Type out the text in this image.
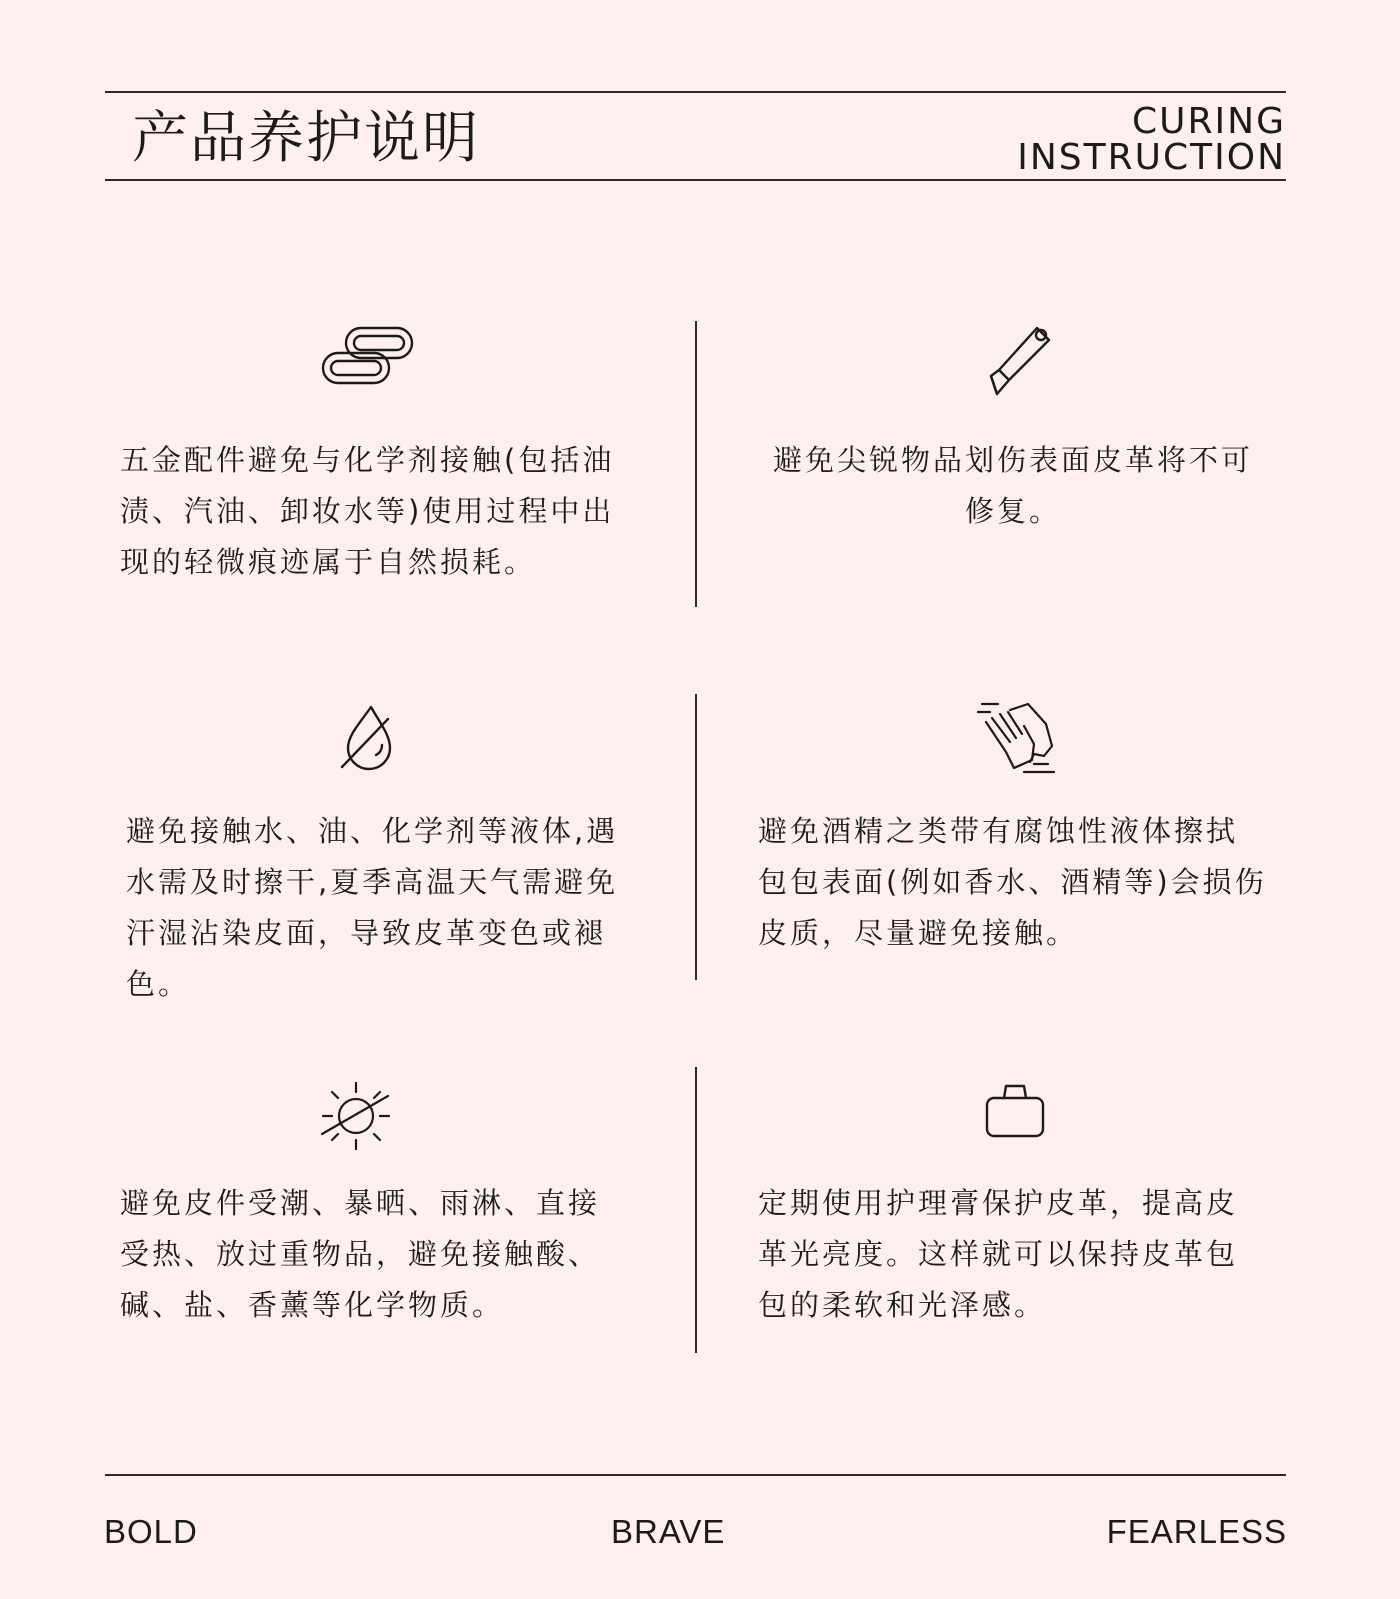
产品养护说明	CURING
INSTRUCTION

五金配件避免与化学剂接触(包括油渍、汽油、卸妆水等)使用过程中出现的轻微痕迹属于自然损耗。

避免尖锐物品划伤表面皮革将不可修复。

避免接触水、油、化学剂等液体,遇水需及时擦干,夏季高温天气需避免汗湿沾染皮面，导致皮革变色或褪色。

避免酒精之类带有腐蚀性液体擦拭包包表面(例如香水、酒精等)会损伤皮质，尽量避免接触。

避免皮件受潮、暴晒、雨淋、直接受热、放过重物品，避免接触酸、碱、盐、香薰等化学物质。

定期使用护理膏保护皮革，提高皮革光亮度。这样就可以保持皮革包包的柔软和光泽感。

BOLD	BRAVE	FEARLESS
